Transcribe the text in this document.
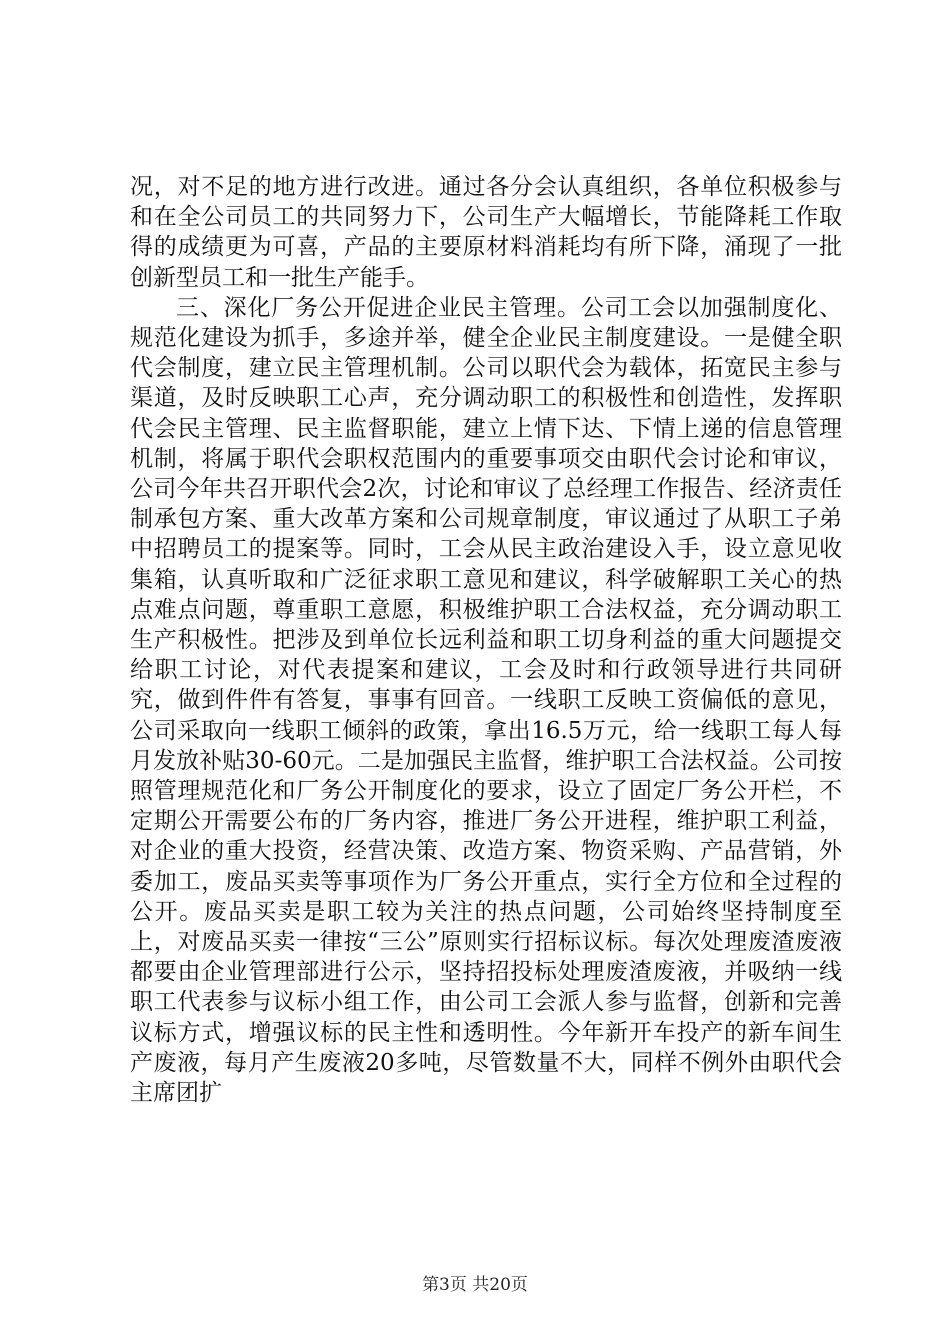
况，对不足的地方进行改进。通过各分会认真组织，各单位积极参与和在全公司员工的共同努力下，公司生产大幅增长，节能降耗工作取得的成绩更为可喜，产品的主要原材料消耗均有所下降，涌现了一批创新型员工和一批生产能手。

三、深化厂务公开促进企业民主管理。公司工会以加强制度化、规范化建设为抓手，多途并举，健全企业民主制度建设。一是健全职代会制度，建立民主管理机制。公司以职代会为载体，拓宽民主参与渠道，及时反映职工心声，充分调动职工的积极性和创造性，发挥职代会民主管理、民主监督职能，建立上情下达、下情上递的信息管理机制，将属于职代会职权范围内的重要事项交由职代会讨论和审议，公司今年共召开职代会2次，讨论和审议了总经理工作报告、经济责任制承包方案、重大改革方案和公司规章制度，审议通过了从职工子弟中招聘员工的提案等。同时，工会从民主政治建设入手，设立意见收集箱，认真听取和广泛征求职工意见和建议，科学破解职工关心的热点难点问题，尊重职工意愿，积极维护职工合法权益，充分调动职工生产积极性。把涉及到单位长远利益和职工切身利益的重大问题提交给职工讨论，对代表提案和建议，工会及时和行政领导进行共同研究，做到件件有答复，事事有回音。一线职工反映工资偏低的意见，公司采取向一线职工倾斜的政策，拿出16.5万元，给一线职工每人每月发放补贴30-60元。二是加强民主监督，维护职工合法权益。公司按照管理规范化和厂务公开制度化的要求，设立了固定厂务公开栏，不定期公开需要公布的厂务内容，推进厂务公开进程，维护职工利益，对企业的重大投资，经营决策、改造方案、物资采购、产品营销，外委加工，废品买卖等事项作为厂务公开重点，实行全方位和全过程的公开。废品买卖是职工较为关注的热点问题，公司始终坚持制度至上，对废品买卖一律按“三公”原则实行招标议标。每次处理废渣废液都要由企业管理部进行公示，坚持招投标处理废渣废液，并吸纳一线职工代表参与议标小组工作，由公司工会派人参与监督，创新和完善议标方式，增强议标的民主性和透明性。今年新开车投产的新车间生产废液，每月产生废液20多吨，尽管数量不大，同样不例外由职代会主席团扩

第3页 共20页
